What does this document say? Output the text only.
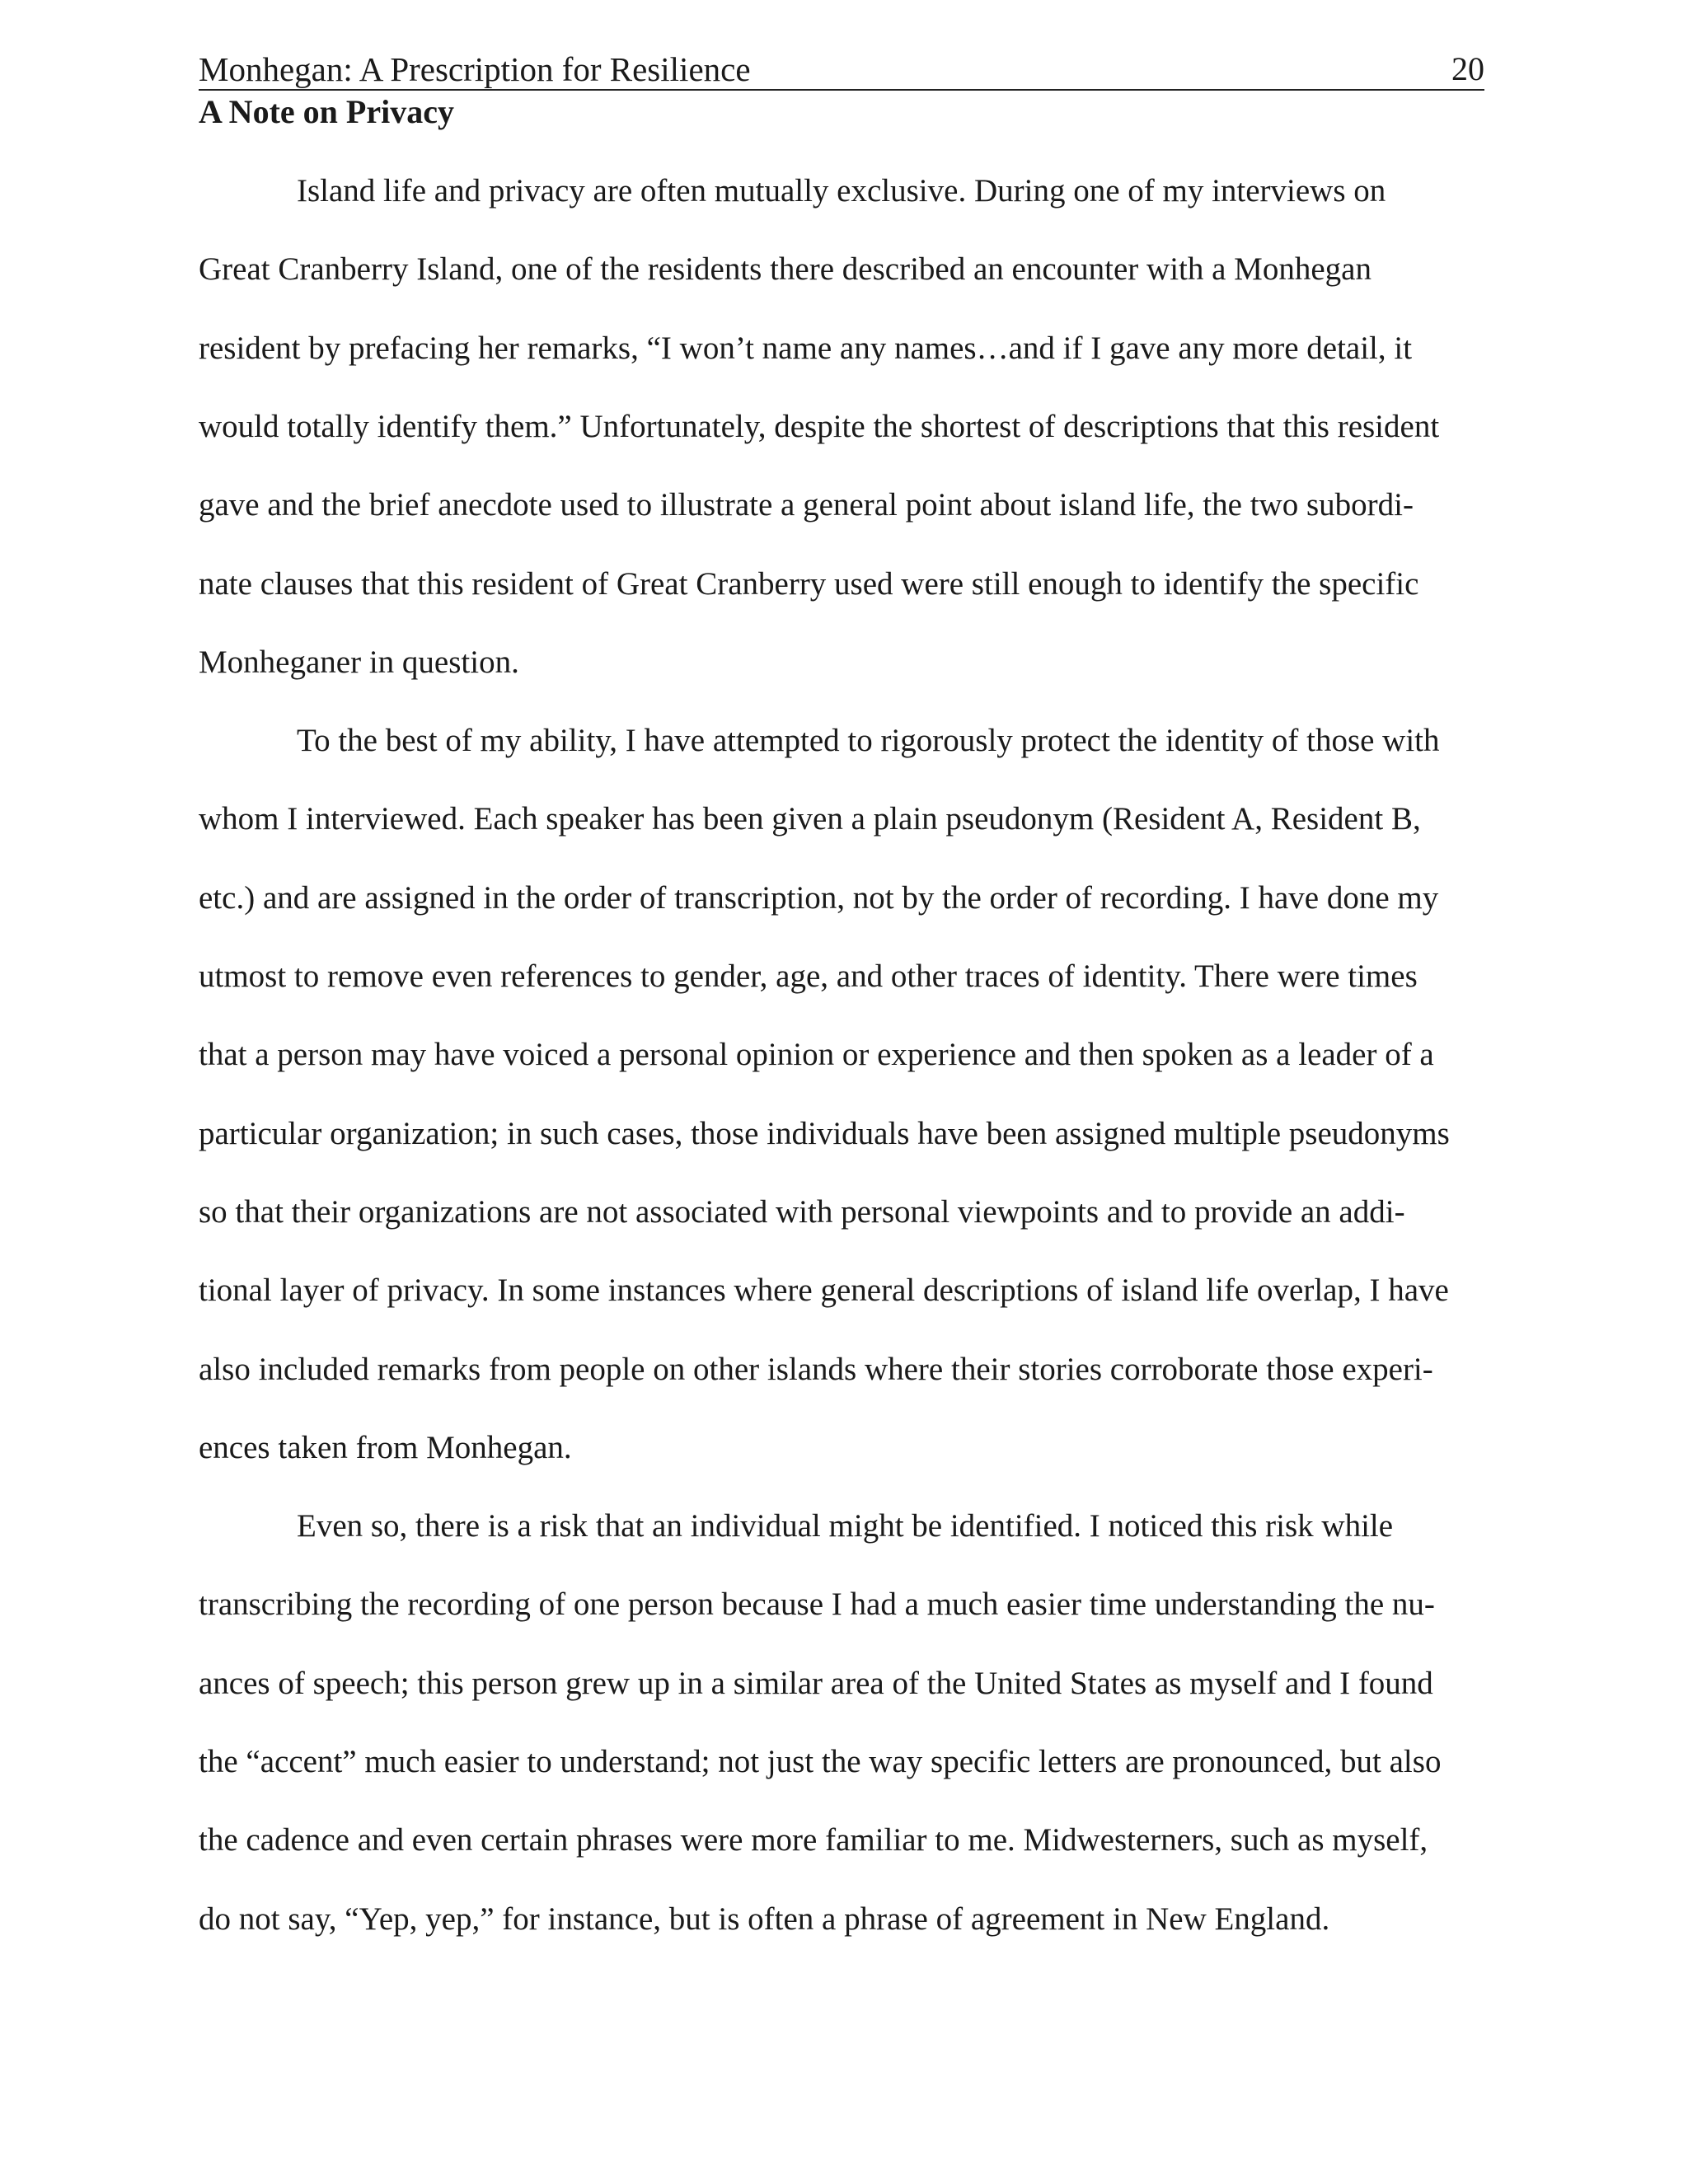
Monhegan: A Prescription for Resilience	20
A Note on Privacy
Island life and privacy are often mutually exclusive. During one of my interviews on
Great Cranberry Island, one of the residents there described an encounter with a Monhegan
resident by prefacing her remarks, “I won’t name any names…and if I gave any more detail, it
would totally identify them.” Unfortunately, despite the shortest of descriptions that this resident
gave and the brief anecdote used to illustrate a general point about island life, the two subordi-
nate clauses that this resident of Great Cranberry used were still enough to identify the specific
Monheganer in question.
To the best of my ability, I have attempted to rigorously protect the identity of those with
whom I interviewed. Each speaker has been given a plain pseudonym (Resident A, Resident B,
etc.) and are assigned in the order of transcription, not by the order of recording. I have done my
utmost to remove even references to gender, age, and other traces of identity. There were times
that a person may have voiced a personal opinion or experience and then spoken as a leader of a
particular organization; in such cases, those individuals have been assigned multiple pseudonyms
so that their organizations are not associated with personal viewpoints and to provide an addi-
tional layer of privacy. In some instances where general descriptions of island life overlap, I have
also included remarks from people on other islands where their stories corroborate those experi-
ences taken from Monhegan.
Even so, there is a risk that an individual might be identified. I noticed this risk while
transcribing the recording of one person because I had a much easier time understanding the nu-
ances of speech; this person grew up in a similar area of the United States as myself and I found
the “accent” much easier to understand; not just the way specific letters are pronounced, but also
the cadence and even certain phrases were more familiar to me. Midwesterners, such as myself,
do not say, “Yep, yep,” for instance, but is often a phrase of agreement in New England.
